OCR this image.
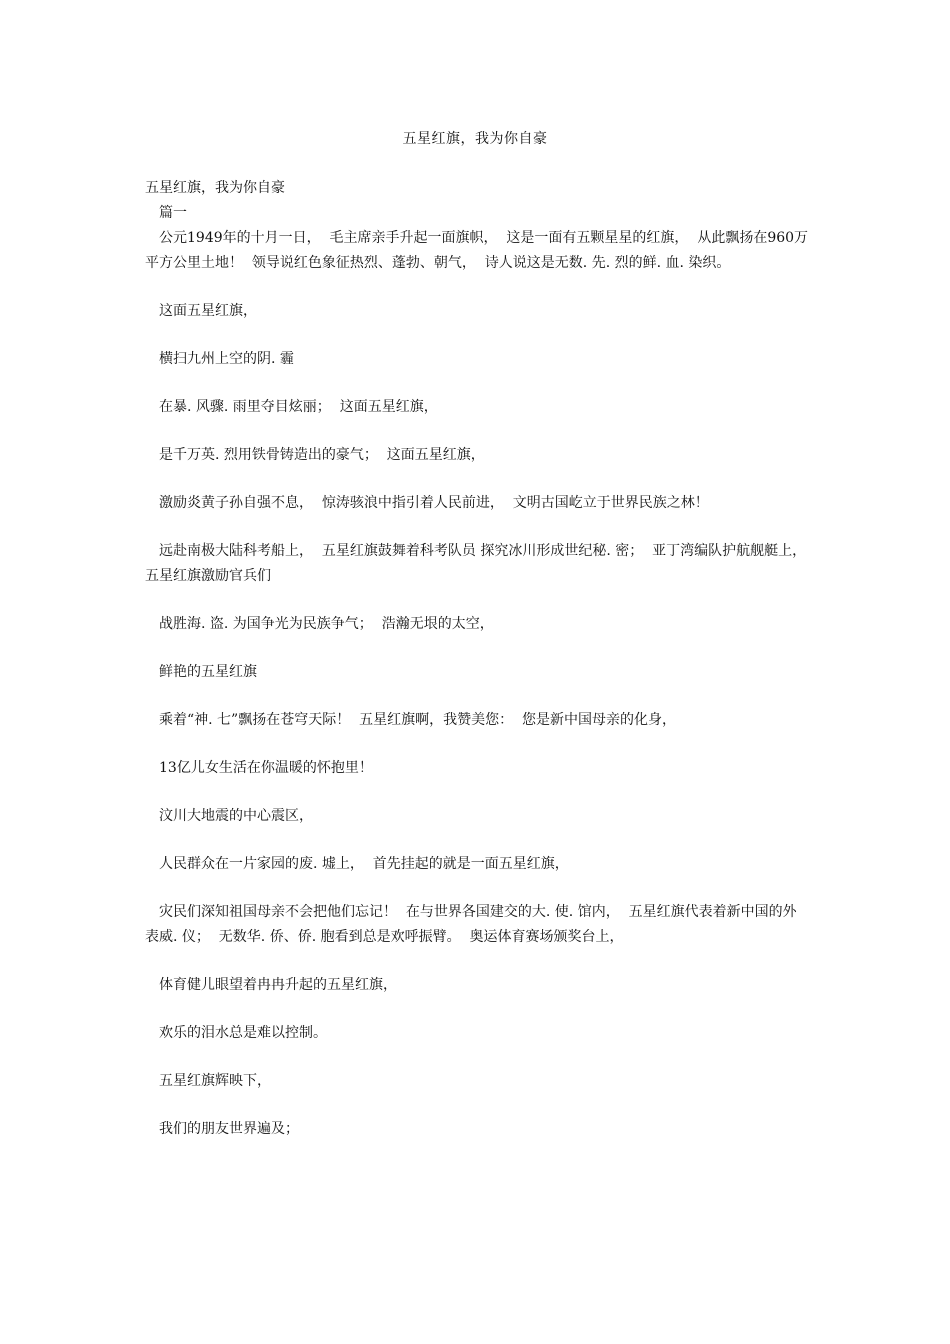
五星红旗，我为你自豪

五星红旗，我为你自豪

篇一

公元1949年的十月一日，  毛主席亲手升起一面旗帜，  这是一面有五颗星星的红旗，  从此飘扬在960万平方公里土地！  领导说红色象征热烈、蓬勃、朝气，  诗人说这是无数. 先. 烈的鲜. 血. 染织。

这面五星红旗，

横扫九州上空的阴. 霾

在暴. 风骤. 雨里夺目炫丽；  这面五星红旗，

是千万英. 烈用铁骨铸造出的豪气；  这面五星红旗，

激励炎黄子孙自强不息，  惊涛骇浪中指引着人民前进，  文明古国屹立于世界民族之林！

远赴南极大陆科考船上，  五星红旗鼓舞着科考队员 探究冰川形成世纪秘. 密；  亚丁湾编队护航舰艇上，  五星红旗激励官兵们

战胜海. 盗. 为国争光为民族争气；  浩瀚无垠的太空，

鲜艳的五星红旗

乘着“神. 七”飘扬在苍穹天际！  五星红旗啊，我赞美您：  您是新中国母亲的化身，

13亿儿女生活在你温暖的怀抱里！

汶川大地震的中心震区，

人民群众在一片家园的废. 墟上，  首先挂起的就是一面五星红旗，

灾民们深知祖国母亲不会把他们忘记！  在与世界各国建交的大. 使. 馆内，  五星红旗代表着新中国的外表威. 仪；  无数华. 侨、侨. 胞看到总是欢呼振臂。  奥运体育赛场颁奖台上，

体育健儿眼望着冉冉升起的五星红旗，

欢乐的泪水总是难以控制。

五星红旗辉映下，

我们的朋友世界遍及；
